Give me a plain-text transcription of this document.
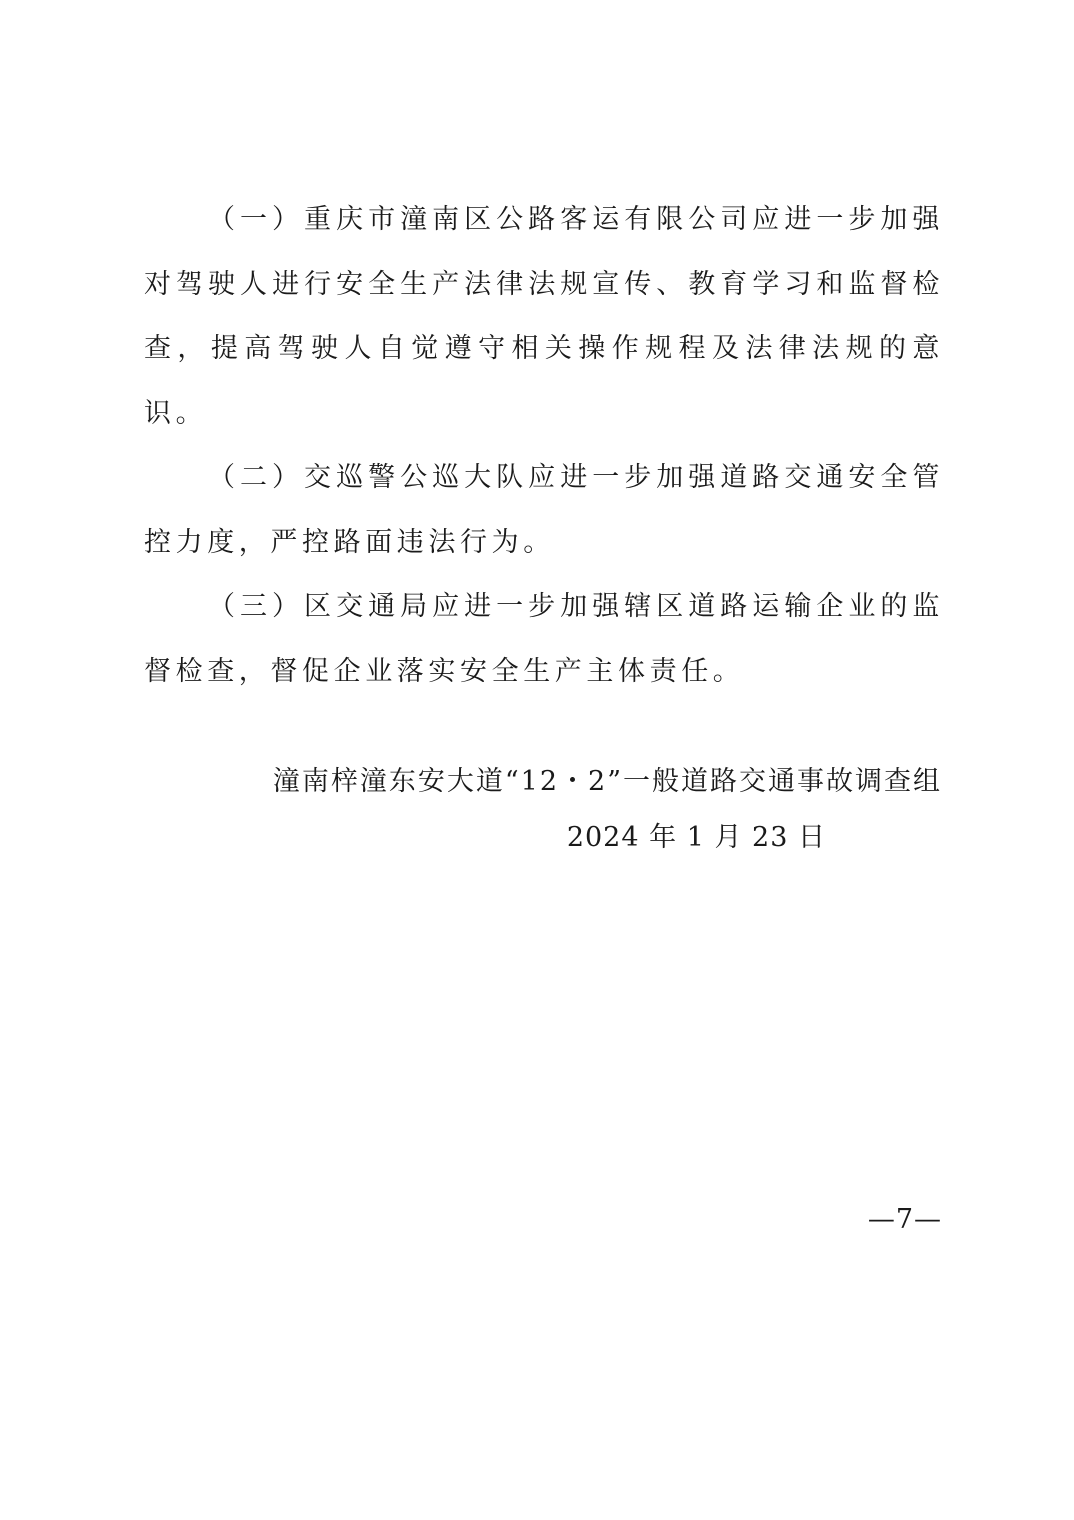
（一）重庆市潼南区公路客运有限公司应进一步加强对驾驶人进行安全生产法律法规宣传、教育学习和监督检查，提高驾驶人自觉遵守相关操作规程及法律法规的意识。

（二）交巡警公巡大队应进一步加强道路交通安全管控力度，严控路面违法行为。

（三）区交通局应进一步加强辖区道路运输企业的监督检查，督促企业落实安全生产主体责任。

潼南梓潼东安大道“12・2”一般道路交通事故调查组
2024 年 1 月 23 日
—7—
